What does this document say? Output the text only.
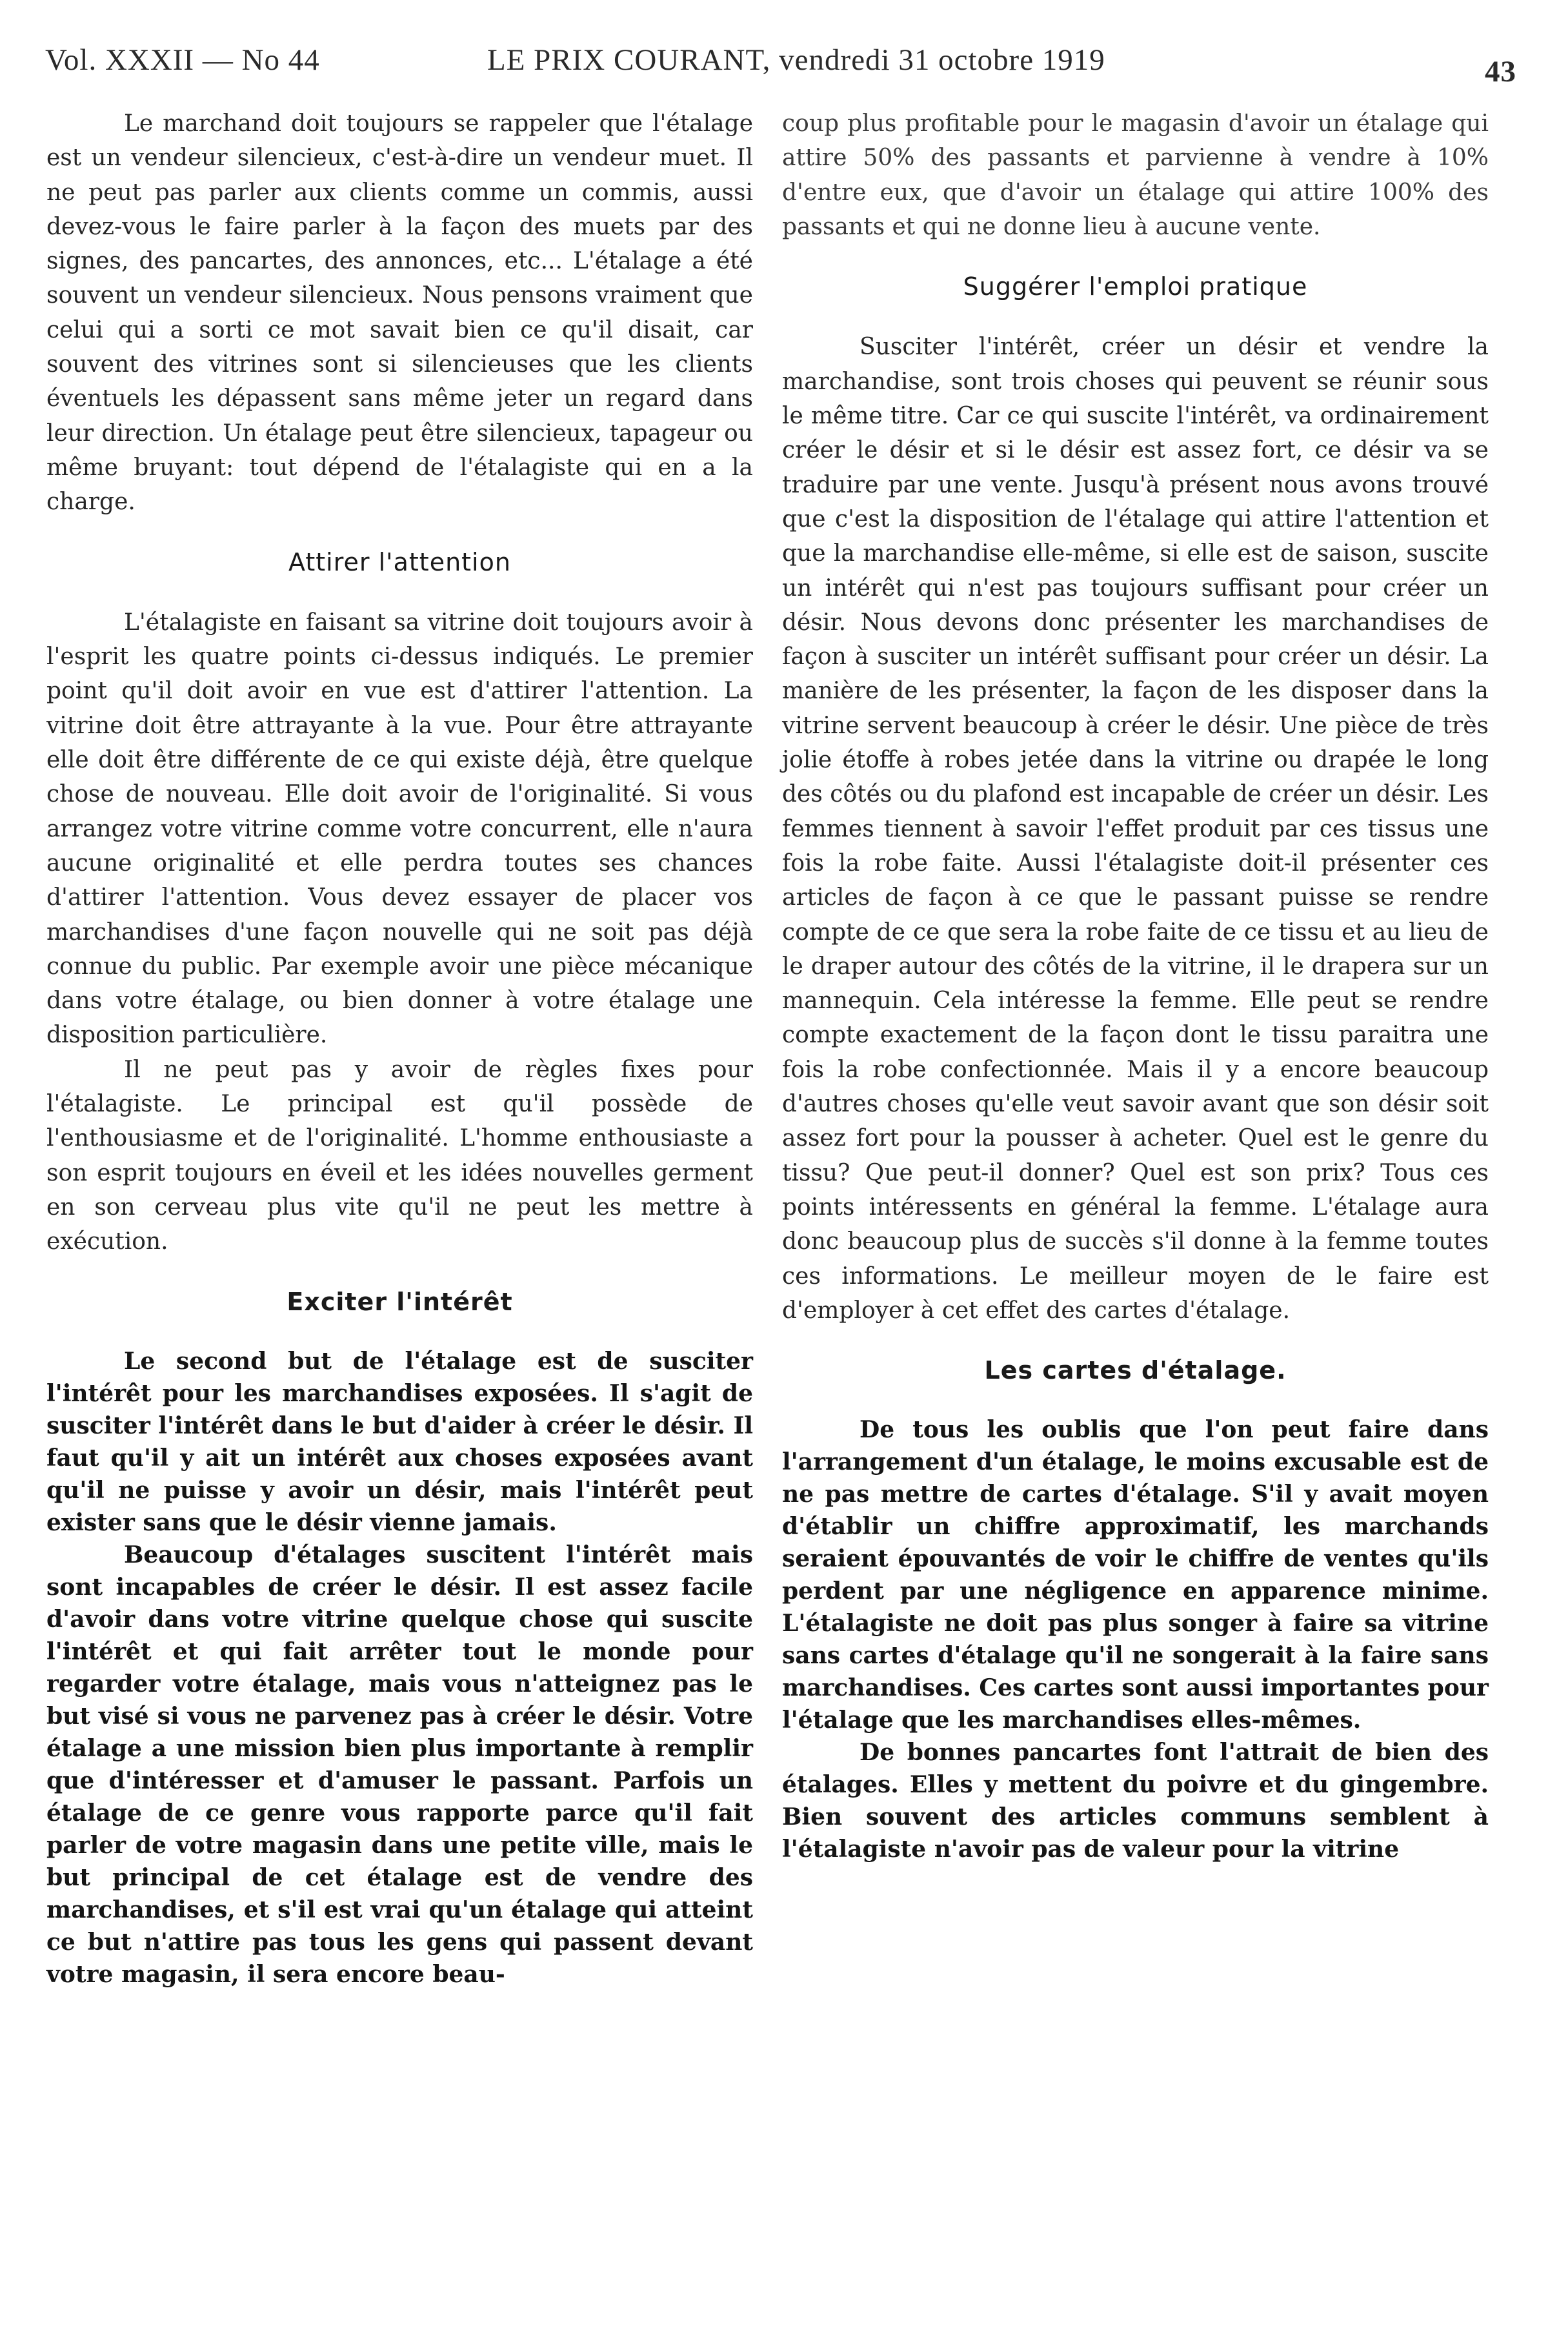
Vol. XXXII — No 44	LE PRIX COURANT, vendredi 31 octobre 1919	43

Le marchand doit toujours se rappeler que l'étalage est un vendeur silencieux, c'est-à-dire un vendeur muet. Il ne peut pas parler aux clients comme un commis, aussi devez-vous le faire parler à la façon des muets par des signes, des pancartes, des annonces, etc... L'étalage a été souvent un vendeur silencieux. Nous pensons vraiment que celui qui a sorti ce mot savait bien ce qu'il disait, car souvent des vitrines sont si silencieuses que les clients éventuels les dépassent sans même jeter un regard dans leur direction. Un étalage peut être silencieux, tapageur ou même bruyant: tout dépend de l'étalagiste qui en a la charge.

Attirer l'attention

L'étalagiste en faisant sa vitrine doit toujours avoir à l'esprit les quatre points ci-dessus indiqués. Le premier point qu'il doit avoir en vue est d'attirer l'attention. La vitrine doit être attrayante à la vue. Pour être attrayante elle doit être différente de ce qui existe déjà, être quelque chose de nouveau. Elle doit avoir de l'originalité. Si vous arrangez votre vitrine comme votre concurrent, elle n'aura aucune originalité et elle perdra toutes ses chances d'attirer l'attention. Vous devez essayer de placer vos marchandises d'une façon nouvelle qui ne soit pas déjà connue du public. Par exemple avoir une pièce mécanique dans votre étalage, ou bien donner à votre étalage une disposition particulière.

Il ne peut pas y avoir de règles fixes pour l'étalagiste. Le principal est qu'il possède de l'enthousiasme et de l'originalité. L'homme enthousiaste a son esprit toujours en éveil et les idées nouvelles germent en son cerveau plus vite qu'il ne peut les mettre à exécution.

Exciter l'intérêt

Le second but de l'étalage est de susciter l'intérêt pour les marchandises exposées. Il s'agit de susciter l'intérêt dans le but d'aider à créer le désir. Il faut qu'il y ait un intérêt aux choses exposées avant qu'il ne puisse y avoir un désir, mais l'intérêt peut exister sans que le désir vienne jamais.

Beaucoup d'étalages suscitent l'intérêt mais sont incapables de créer le désir. Il est assez facile d'avoir dans votre vitrine quelque chose qui suscite l'intérêt et qui fait arrêter tout le monde pour regarder votre étalage, mais vous n'atteignez pas le but visé si vous ne parvenez pas à créer le désir. Votre étalage a une mission bien plus importante à remplir que d'intéresser et d'amuser le passant. Parfois un étalage de ce genre vous rapporte parce qu'il fait parler de votre magasin dans une petite ville, mais le but principal de cet étalage est de vendre des marchandises, et s'il est vrai qu'un étalage qui atteint ce but n'attire pas tous les gens qui passent devant votre magasin, il sera encore beau-

coup plus profitable pour le magasin d'avoir un étalage qui attire 50% des passants et parvienne à vendre à 10% d'entre eux, que d'avoir un étalage qui attire 100% des passants et qui ne donne lieu à aucune vente.

Suggérer l'emploi pratique

Susciter l'intérêt, créer un désir et vendre la marchandise, sont trois choses qui peuvent se réunir sous le même titre. Car ce qui suscite l'intérêt, va ordinairement créer le désir et si le désir est assez fort, ce désir va se traduire par une vente. Jusqu'à présent nous avons trouvé que c'est la disposition de l'étalage qui attire l'attention et que la marchandise elle-même, si elle est de saison, suscite un intérêt qui n'est pas toujours suffisant pour créer un désir. Nous devons donc présenter les marchandises de façon à susciter un intérêt suffisant pour créer un désir. La manière de les présenter, la façon de les disposer dans la vitrine servent beaucoup à créer le désir. Une pièce de très jolie étoffe à robes jetée dans la vitrine ou drapée le long des côtés ou du plafond est incapable de créer un désir. Les femmes tiennent à savoir l'effet produit par ces tissus une fois la robe faite. Aussi l'étalagiste doit-il présenter ces articles de façon à ce que le passant puisse se rendre compte de ce que sera la robe faite de ce tissu et au lieu de le draper autour des côtés de la vitrine, il le drapera sur un mannequin. Cela intéresse la femme. Elle peut se rendre compte exactement de la façon dont le tissu paraitra une fois la robe confectionnée. Mais il y a encore beaucoup d'autres choses qu'elle veut savoir avant que son désir soit assez fort pour la pousser à acheter. Quel est le genre du tissu? Que peut-il donner? Quel est son prix? Tous ces points intéressents en général la femme. L'étalage aura donc beaucoup plus de succès s'il donne à la femme toutes ces informations. Le meilleur moyen de le faire est d'employer à cet effet des cartes d'étalage.

Les cartes d'étalage.

De tous les oublis que l'on peut faire dans l'arrangement d'un étalage, le moins excusable est de ne pas mettre de cartes d'étalage. S'il y avait moyen d'établir un chiffre approximatif, les marchands seraient épouvantés de voir le chiffre de ventes qu'ils perdent par une négligence en apparence minime. L'étalagiste ne doit pas plus songer à faire sa vitrine sans cartes d'étalage qu'il ne songerait à la faire sans marchandises. Ces cartes sont aussi importantes pour l'étalage que les marchandises elles-mêmes.

De bonnes pancartes font l'attrait de bien des étalages. Elles y mettent du poivre et du gingembre. Bien souvent des articles communs semblent à l'étalagiste n'avoir pas de valeur pour la vitrine
